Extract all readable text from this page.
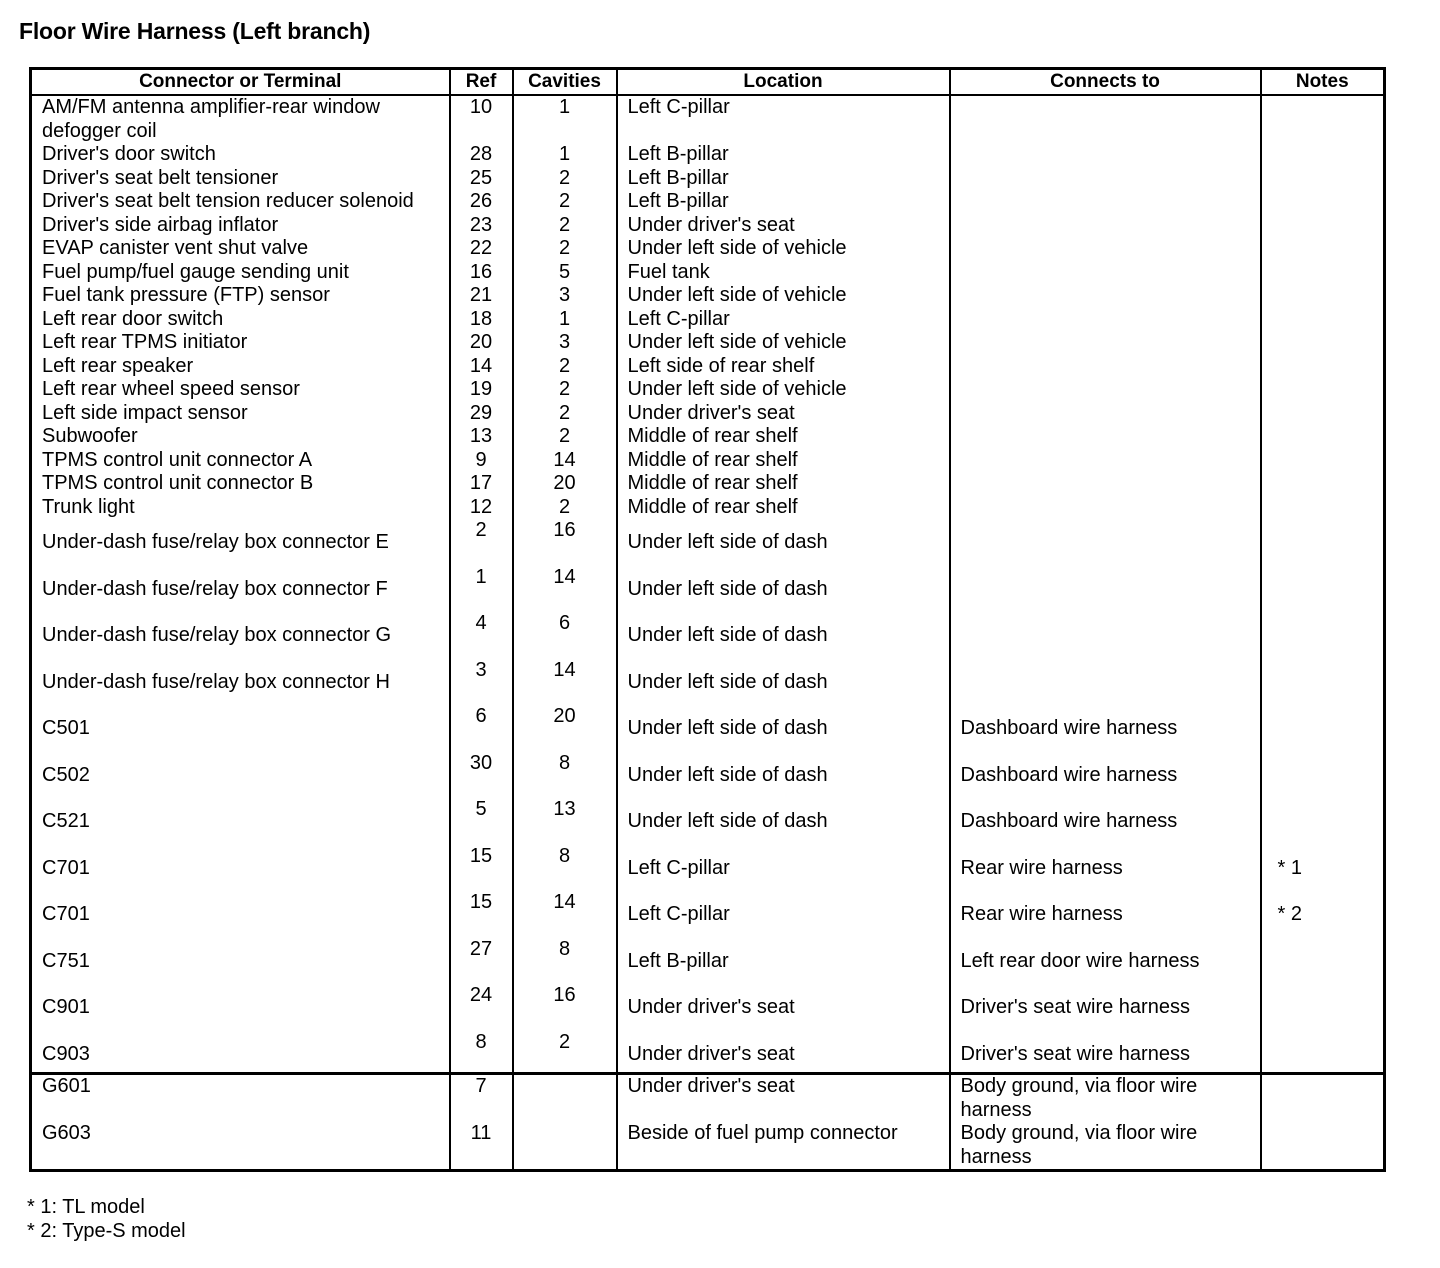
Floor Wire Harness (Left branch)
Connector or Terminal	Ref	Cavities	Location	Connects to	Notes
AM/FM antenna amplifier-rear window defogger coil	10	1	Left C-pillar		
Driver's door switch	28	1	Left B-pillar		
Driver's seat belt tensioner	25	2	Left B-pillar		
Driver's seat belt tension reducer solenoid	26	2	Left B-pillar		
Driver's side airbag inflator	23	2	Under driver's seat		
EVAP canister vent shut valve	22	2	Under left side of vehicle		
Fuel pump/fuel gauge sending unit	16	5	Fuel tank		
Fuel tank pressure (FTP) sensor	21	3	Under left side of vehicle		
Left rear door switch	18	1	Left C-pillar		
Left rear TPMS initiator	20	3	Under left side of vehicle		
Left rear speaker	14	2	Left side of rear shelf		
Left rear wheel speed sensor	19	2	Under left side of vehicle		
Left side impact sensor	29	2	Under driver's seat		
Subwoofer	13	2	Middle of rear shelf		
TPMS control unit connector A	9	14	Middle of rear shelf		
TPMS control unit connector B	17	20	Middle of rear shelf		
Trunk light	12	2	Middle of rear shelf		
Under-dash fuse/relay box connector E	2	16	Under left side of dash		
Under-dash fuse/relay box connector F	1	14	Under left side of dash		
Under-dash fuse/relay box connector G	4	6	Under left side of dash		
Under-dash fuse/relay box connector H	3	14	Under left side of dash		
C501	6	20	Under left side of dash	Dashboard wire harness	
C502	30	8	Under left side of dash	Dashboard wire harness	
C521	5	13	Under left side of dash	Dashboard wire harness	
C701	15	8	Left C-pillar	Rear wire harness	* 1
C701	15	14	Left C-pillar	Rear wire harness	* 2
C751	27	8	Left B-pillar	Left rear door wire harness	
C901	24	16	Under driver's seat	Driver's seat wire harness	
C903	8	2	Under driver's seat	Driver's seat wire harness	
G601	7		Under driver's seat	Body ground, via floor wire harness	
G603	11		Beside of fuel pump connector	Body ground, via floor wire harness	
* 1: TL model
* 2: Type-S model
